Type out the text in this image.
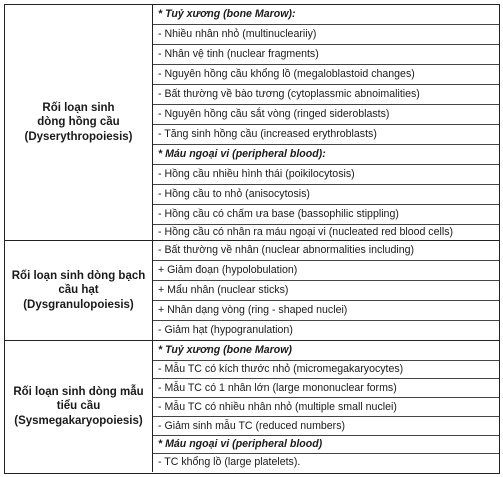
Rối loạn sinh
dòng hồng cầu
(Dyserythropoiesis)
* Tuỷ xương (bone Marow):
- Nhiều nhân nhỏ (multinucleariiy)
- Nhân vệ tinh (nuclear fragments)
- Nguyên hồng cầu khổng lồ (megaloblastoid changes)
- Bất thường về bào tương (cytoplassmic abnoimalities)
- Nguyên hồng cầu sắt vòng (ringed sideroblasts)
- Tăng sinh hồng cầu (increased erythroblasts)
* Máu ngoại vi (peripheral blood):
- Hồng cầu nhiều hình thái (poikilocytosis)
- Hồng cầu to nhỏ (anisocytosis)
- Hồng cầu có chấm ưa base (bassophilic stippling)
- Hồng cầu có nhân ra máu ngoại vi (nucleated red blood cells)
Rối loạn sinh dòng bạch
cầu hạt
(Dysgranulopoiesis)
- Bất thường về nhân (nuclear abnormalities including)
+ Giảm đoạn (hypolobulation)
+ Mẩu nhân (nuclear sticks)
+ Nhân dạng vòng (ring - shaped nuclei)
- Giảm hạt (hypogranulation)
Rối loạn sinh dòng mẫu
tiểu cầu
(Sysmegakaryopoiesis)
* Tuỷ xương (bone Marow)
- Mẫu TC có kích thước nhỏ (micromegakaryocytes)
- Mẫu TC có 1 nhân lớn (large mononuclear forms)
- Mẫu TC có nhiều nhân nhỏ (multiple small nuclei)
- Giảm sinh mẫu TC (reduced numbers)
* Máu ngoại vi (peripheral blood)
- TC khổng lồ (large platelets).
